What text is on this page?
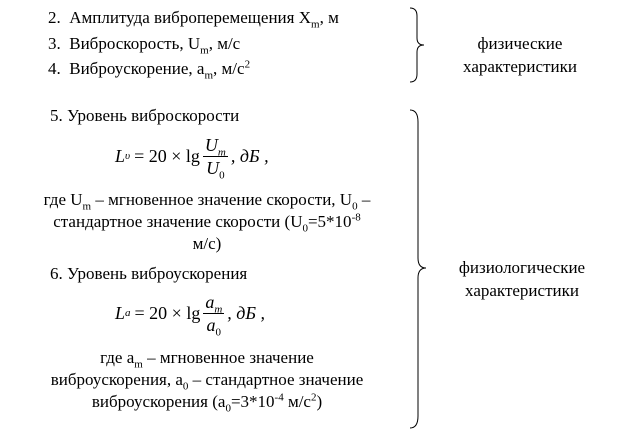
2. Амплитуда виброперемещения $X_m$, м
3. Виброскорость, $U_m$, м/с
4. Виброускорение, $a_m$, $м/с^2$
физические
характеристики
5. Уровень виброскорости
L $\upsilon = 20 \times \lg \frac{U_m}{U_0}$ , дБ ,
где $U_m$ – мгновенное значение скорости, $U_0$ –
стандартное значение скорости ($U_0=5*10^{-8}$
м/с)
6. Уровень виброускорения
L $a = 20 \times \lg \frac{a_m}{a_0}$ , дБ ,
где $a_m$ – мгновенное значение
виброускорения, $a_0$ – стандартное значение
виброускорения ($a_0=3*10^{-4}$ $м/с^2$)
физиологические
характеристики
